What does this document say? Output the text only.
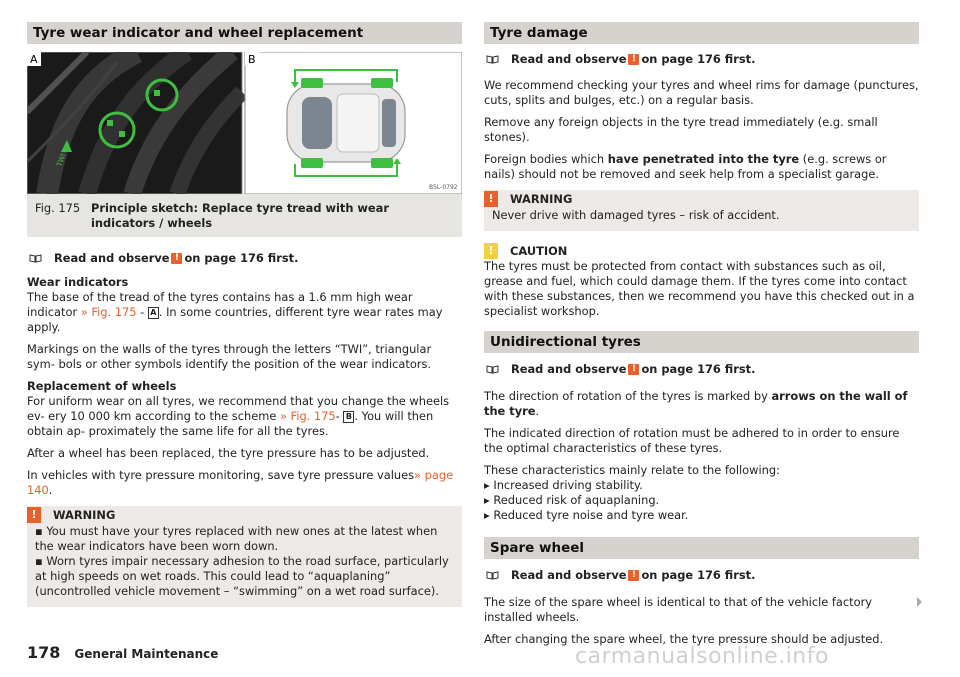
Tyre wear indicator and wheel replacement
TWI
A	B
B5L-0792
Fig. 175 Principle sketch: Replace tyre tread with wear indicators / wheels
Read and observe ! on page 176 first.

Wear indicators

The base of the tread of the tyres contains has a 1.6 mm high wear indicator » Fig. 175 - A . In some countries, different tyre wear rates may apply.

Markings on the walls of the tyres through the letters “TWI”, triangular sym- bols or other symbols identify the position of the wear indicators.

Replacement of wheels

For uniform wear on all tyres, we recommend that you change the wheels ev- ery 10 000 km according to the scheme » Fig. 175- B . You will then obtain ap- proximately the same life for all the tyres.

After a wheel has been replaced, the tyre pressure has to be adjusted.

In vehicles with tyre pressure monitoring, save tyre pressure values» page 140.

!	WARNING

▪ You must have your tyres replaced with new ones at the latest when the wear indicators have been worn down.

▪ Worn tyres impair necessary adhesion to the road surface, particularly at high speeds on wet roads. This could lead to “aquaplaning” (uncontrolled vehicle movement – “swimming” on a wet road surface).

Tyre damage
Read and observe ! on page 176 first.

We recommend checking your tyres and wheel rims for damage (punctures, cuts, splits and bulges, etc.) on a regular basis.

Remove any foreign objects in the tyre tread immediately (e.g. small stones).

Foreign bodies which have penetrated into the tyre (e.g. screws or nails) should not be removed and seek help from a specialist garage.

!	WARNING

Never drive with damaged tyres – risk of accident.

!	CAUTION

The tyres must be protected from contact with substances such as oil, grease and fuel, which could damage them. If the tyres come into contact with these substances, then we recommend you have this checked out in a specialist workshop.

Unidirectional tyres
Read and observe ! on page 176 first.

The direction of rotation of the tyres is marked by arrows on the wall of the tyre.

The indicated direction of rotation must be adhered to in order to ensure the optimal characteristics of these tyres.

These characteristics mainly relate to the following:

▸ Increased driving stability.

▸ Reduced risk of aquaplaning.

▸ Reduced tyre noise and tyre wear.

Spare wheel
Read and observe ! on page 176 first.

The size of the spare wheel is identical to that of the vehicle factory installed wheels.

After changing the spare wheel, the tyre pressure should be adjusted.

178 General Maintenance	carmanualsonline.info
